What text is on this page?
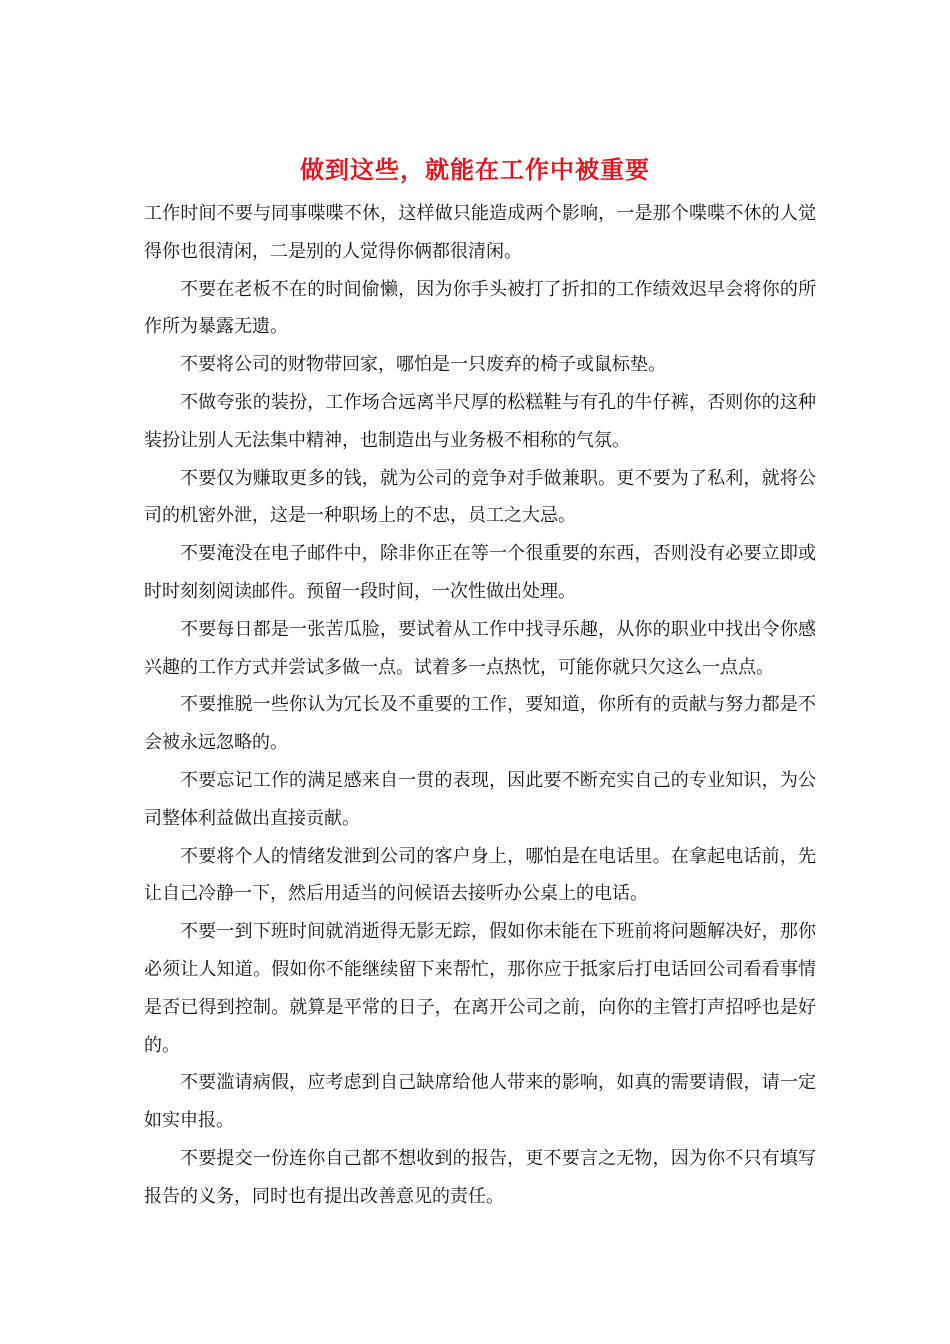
做到这些，就能在工作中被重要

工作时间不要与同事喋喋不休，这样做只能造成两个影响，一是那个喋喋不休的人觉得你也很清闲，二是别的人觉得你俩都很清闲。

不要在老板不在的时间偷懒，因为你手头被打了折扣的工作绩效迟早会将你的所作所为暴露无遗。

不要将公司的财物带回家，哪怕是一只废弃的椅子或鼠标垫。

不做夸张的装扮，工作场合远离半尺厚的松糕鞋与有孔的牛仔裤，否则你的这种装扮让别人无法集中精神，也制造出与业务极不相称的气氛。

不要仅为赚取更多的钱，就为公司的竞争对手做兼职。更不要为了私利，就将公司的机密外泄，这是一种职场上的不忠，员工之大忌。

不要淹没在电子邮件中，除非你正在等一个很重要的东西，否则没有必要立即或时时刻刻阅读邮件。预留一段时间，一次性做出处理。

不要每日都是一张苦瓜脸，要试着从工作中找寻乐趣，从你的职业中找出令你感兴趣的工作方式并尝试多做一点。试着多一点热忱，可能你就只欠这么一点点。

不要推脱一些你认为冗长及不重要的工作，要知道，你所有的贡献与努力都是不会被永远忽略的。

不要忘记工作的满足感来自一贯的表现，因此要不断充实自己的专业知识，为公司整体利益做出直接贡献。

不要将个人的情绪发泄到公司的客户身上，哪怕是在电话里。在拿起电话前，先让自己冷静一下，然后用适当的问候语去接听办公桌上的电话。

不要一到下班时间就消逝得无影无踪，假如你未能在下班前将问题解决好，那你必须让人知道。假如你不能继续留下来帮忙，那你应于抵家后打电话回公司看看事情是否已得到控制。就算是平常的日子，在离开公司之前，向你的主管打声招呼也是好的。

不要滥请病假，应考虑到自己缺席给他人带来的影响，如真的需要请假，请一定如实申报。

不要提交一份连你自己都不想收到的报告，更不要言之无物，因为你不只有填写报告的义务，同时也有提出改善意见的责任。
